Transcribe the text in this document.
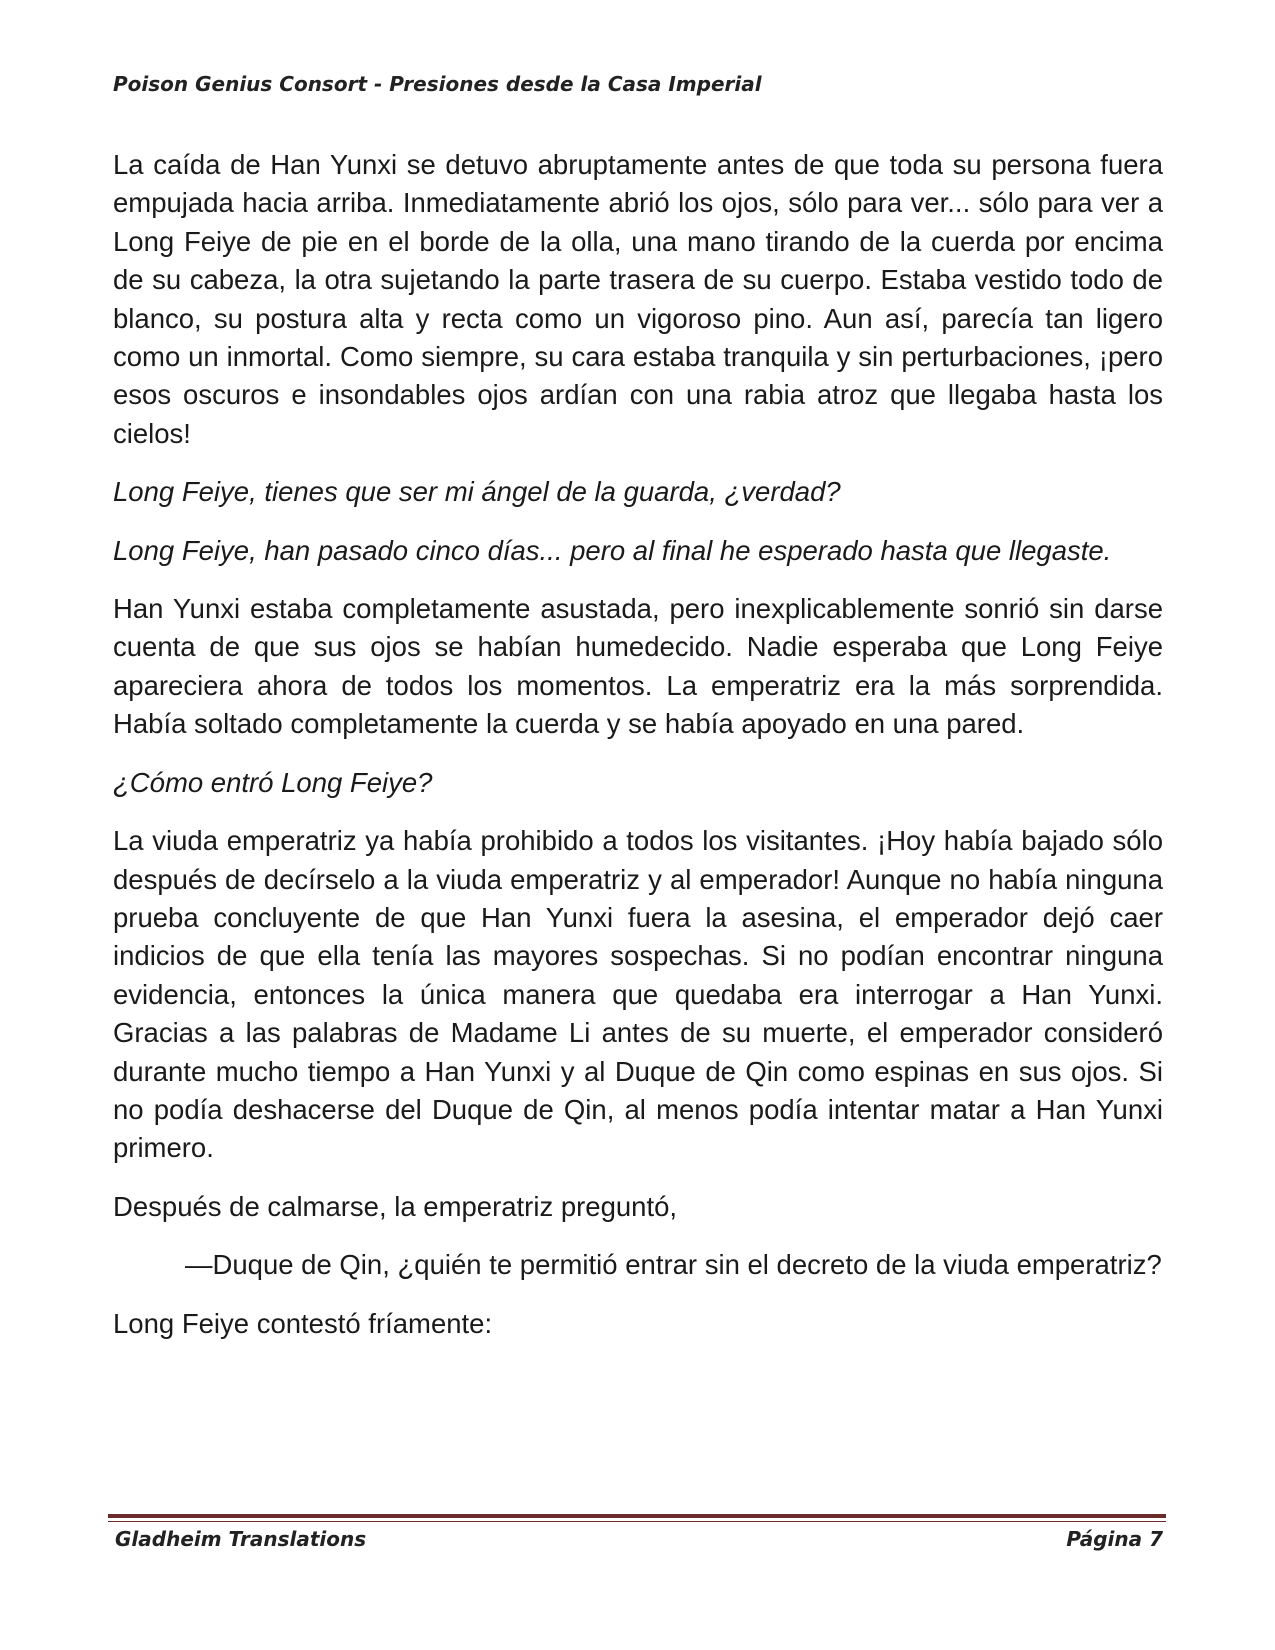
Poison Genius Consort - Presiones desde la Casa Imperial

La caída de Han Yunxi se detuvo abruptamente antes de que toda su persona fuera empujada hacia arriba. Inmediatamente abrió los ojos, sólo para ver... sólo para ver a Long Feiye de pie en el borde de la olla, una mano tirando de la cuerda por encima de su cabeza, la otra sujetando la parte trasera de su cuerpo. Estaba vestido todo de blanco, su postura alta y recta como un vigoroso pino. Aun así, parecía tan ligero como un inmortal. Como siempre, su cara estaba tranquila y sin perturbaciones, ¡pero esos oscuros e insondables ojos ardían con una rabia atroz que llegaba hasta los cielos!

Long Feiye, tienes que ser mi ángel de la guarda, ¿verdad?

Long Feiye, han pasado cinco días... pero al final he esperado hasta que llegaste.

Han Yunxi estaba completamente asustada, pero inexplicablemente sonrió sin darse cuenta de que sus ojos se habían humedecido. Nadie esperaba que Long Feiye apareciera ahora de todos los momentos. La emperatriz era la más sorprendida. Había soltado completamente la cuerda y se había apoyado en una pared.

¿Cómo entró Long Feiye?

La viuda emperatriz ya había prohibido a todos los visitantes. ¡Hoy había bajado sólo después de decírselo a la viuda emperatriz y al emperador! Aunque no había ninguna prueba concluyente de que Han Yunxi fuera la asesina, el emperador dejó caer indicios de que ella tenía las mayores sospechas. Si no podían encontrar ninguna evidencia, entonces la única manera que quedaba era interrogar a Han Yunxi. Gracias a las palabras de Madame Li antes de su muerte, el emperador consideró durante mucho tiempo a Han Yunxi y al Duque de Qin como espinas en sus ojos. Si no podía deshacerse del Duque de Qin, al menos podía intentar matar a Han Yunxi primero.

Después de calmarse, la emperatriz preguntó,

—Duque de Qin, ¿quién te permitió entrar sin el decreto de la viuda emperatriz?

Long Feiye contestó fríamente:

Gladheim Translations	Página 7
